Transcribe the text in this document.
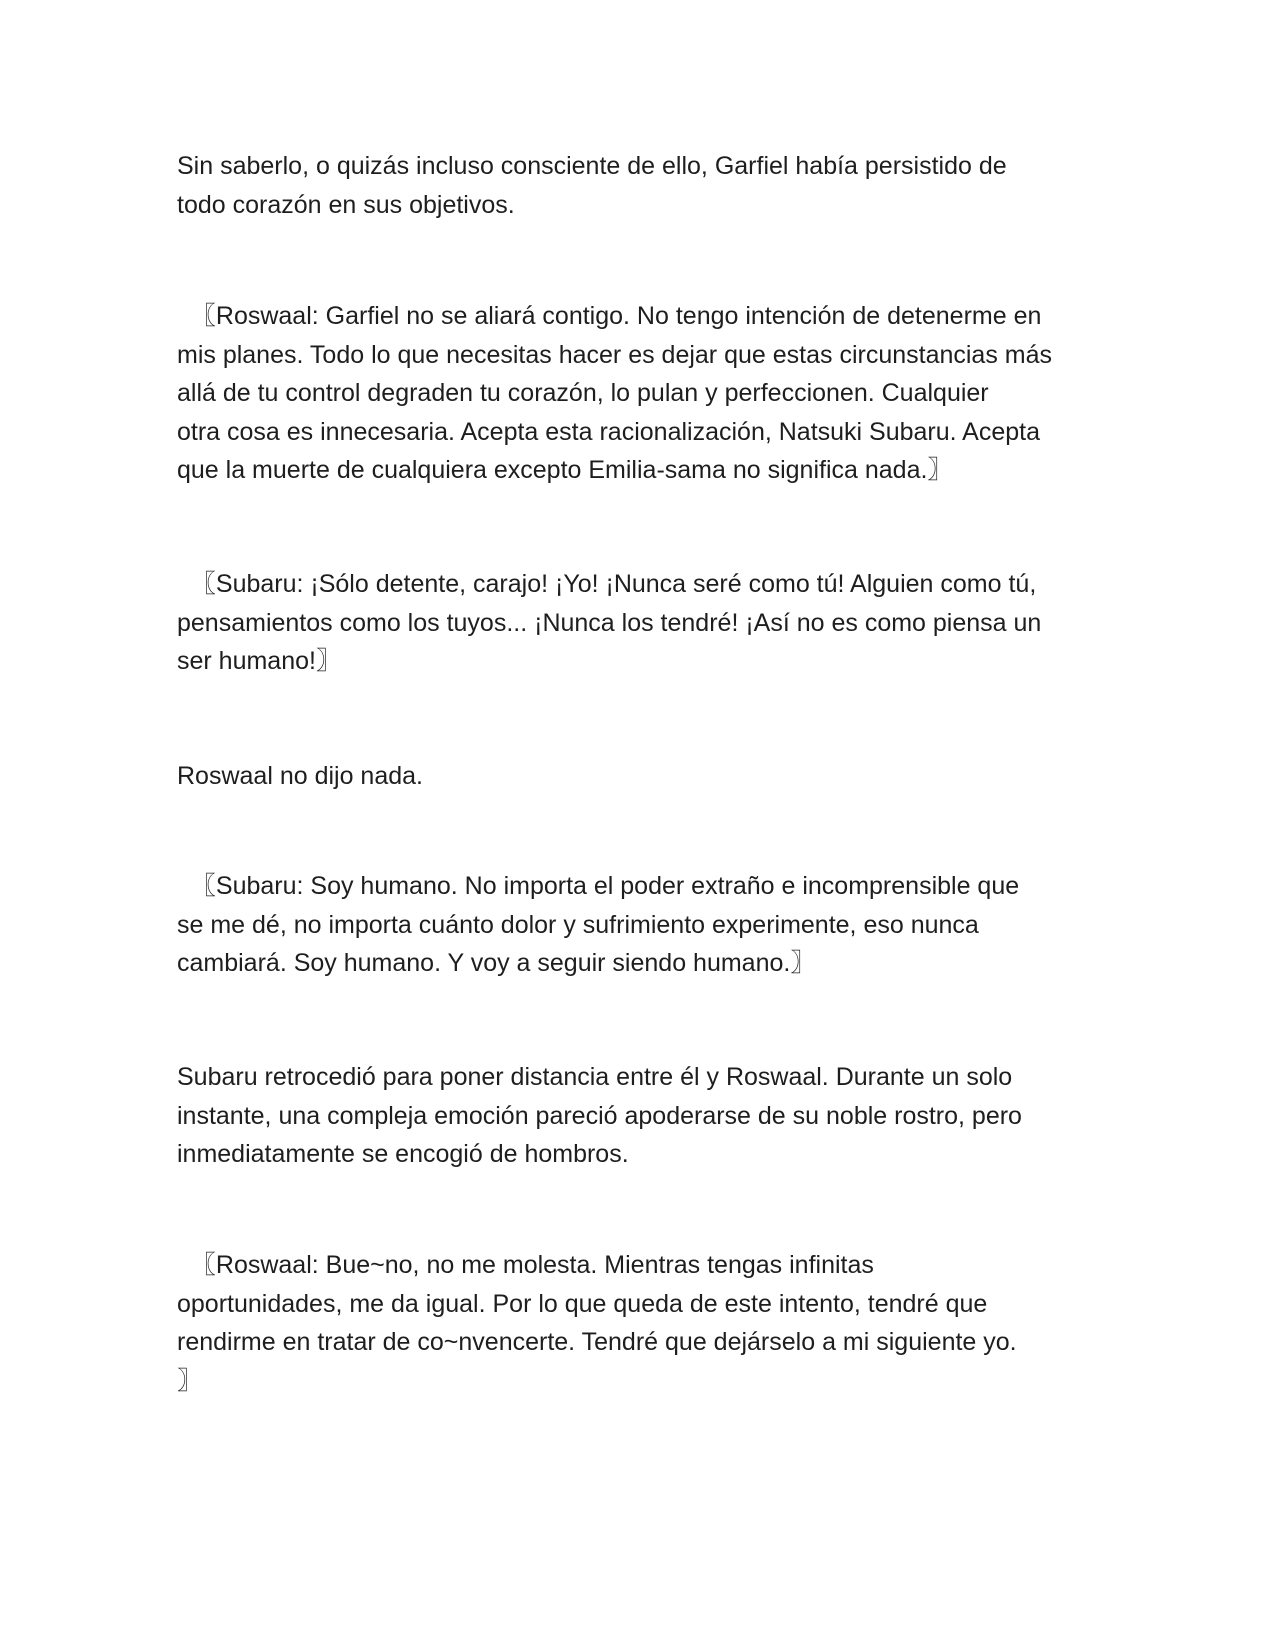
Sin saberlo, o quizás incluso consciente de ello, Garfiel había persistido de
todo corazón en sus objetivos.

〖Roswaal: Garfiel no se aliará contigo. No tengo intención de detenerme en
mis planes. Todo lo que necesitas hacer es dejar que estas circunstancias más
allá de tu control degraden tu corazón, lo pulan y perfeccionen. Cualquier
otra cosa es innecesaria. Acepta esta racionalización, Natsuki Subaru. Acepta
que la muerte de cualquiera excepto Emilia-sama no significa nada.〗

〖Subaru: ¡Sólo detente, carajo! ¡Yo! ¡Nunca seré como tú! Alguien como tú,
pensamientos como los tuyos... ¡Nunca los tendré! ¡Así no es como piensa un
ser humano!〗

Roswaal no dijo nada.

〖Subaru: Soy humano. No importa el poder extraño e incomprensible que
se me dé, no importa cuánto dolor y sufrimiento experimente, eso nunca
cambiará. Soy humano. Y voy a seguir siendo humano.〗

Subaru retrocedió para poner distancia entre él y Roswaal. Durante un solo
instante, una compleja emoción pareció apoderarse de su noble rostro, pero
inmediatamente se encogió de hombros.

〖Roswaal: Bue~no, no me molesta. Mientras tengas infinitas
oportunidades, me da igual. Por lo que queda de este intento, tendré que
rendirme en tratar de co~nvencerte. Tendré que dejárselo a mi siguiente yo.
〗
